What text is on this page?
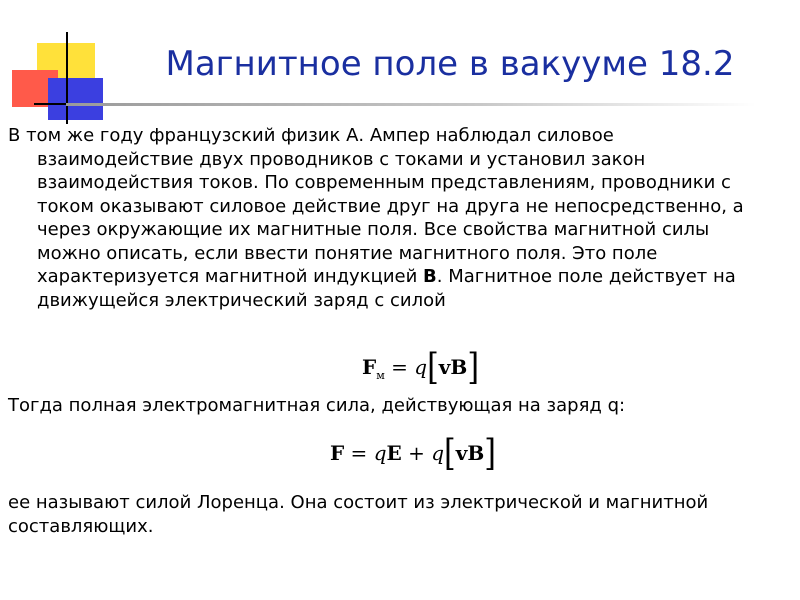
Магнитное поле в вакууме 18.2
В том же году французский физик А. Ампер наблюдал силовое
взаимодействие двух проводников с токами и установил закон
взаимодействия токов. По современным представлениям, проводники с
током оказывают силовое действие друг на друга не непосредственно, а
через окружающие их магнитные поля. Все свойства магнитной силы
можно описать, если ввести понятие магнитного поля. Это поле
характеризуется магнитной индукцией B. Магнитное поле действует на
движущейся электрический заряд с силой
$F_м = q[vB]$
Тогда полная электромагнитная сила, действующая на заряд q:
F = qE + q[vB]
ее называют силой Лоренца. Она состоит из электрической и магнитной
составляющих.
